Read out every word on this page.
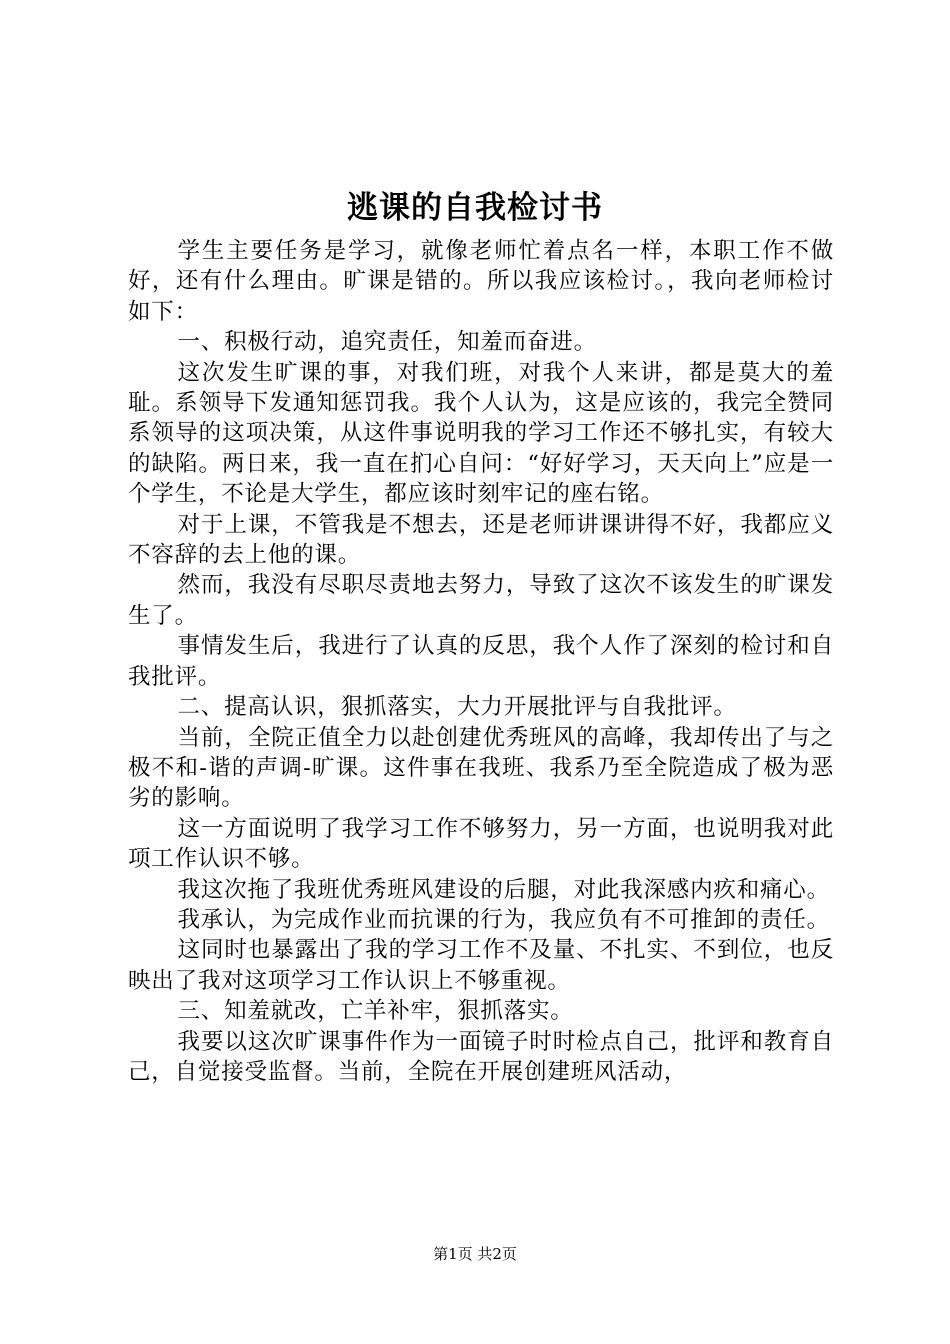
逃课的自我检讨书

学生主要任务是学习，就像老师忙着点名一样，本职工作不做好，还有什么理由。旷课是错的。所以我应该检讨。，我向老师检讨如下：

一、积极行动，追究责任，知羞而奋进。

这次发生旷课的事，对我们班，对我个人来讲，都是莫大的羞耻。系领导下发通知惩罚我。我个人认为，这是应该的，我完全赞同系领导的这项决策，从这件事说明我的学习工作还不够扎实，有较大的缺陷。两日来，我一直在扪心自问：“好好学习，天天向上”应是一个学生，不论是大学生，都应该时刻牢记的座右铭。

对于上课，不管我是不想去，还是老师讲课讲得不好，我都应义不容辞的去上他的课。

然而，我没有尽职尽责地去努力，导致了这次不该发生的旷课发生了。

事情发生后，我进行了认真的反思，我个人作了深刻的检讨和自我批评。

二、提高认识，狠抓落实，大力开展批评与自我批评。

当前，全院正值全力以赴创建优秀班风的高峰，我却传出了与之极不和-谐的声调-旷课。这件事在我班、我系乃至全院造成了极为恶劣的影响。

这一方面说明了我学习工作不够努力，另一方面，也说明我对此项工作认识不够。

我这次拖了我班优秀班风建设的后腿，对此我深感内疚和痛心。

我承认，为完成作业而抗课的行为，我应负有不可推卸的责任。

这同时也暴露出了我的学习工作不及量、不扎实、不到位，也反映出了我对这项学习工作认识上不够重视。

三、知羞就改，亡羊补牢，狠抓落实。

我要以这次旷课事件作为一面镜子时时检点自己，批评和教育自己，自觉接受监督。当前，全院在开展创建班风活动，

第1页 共2页
